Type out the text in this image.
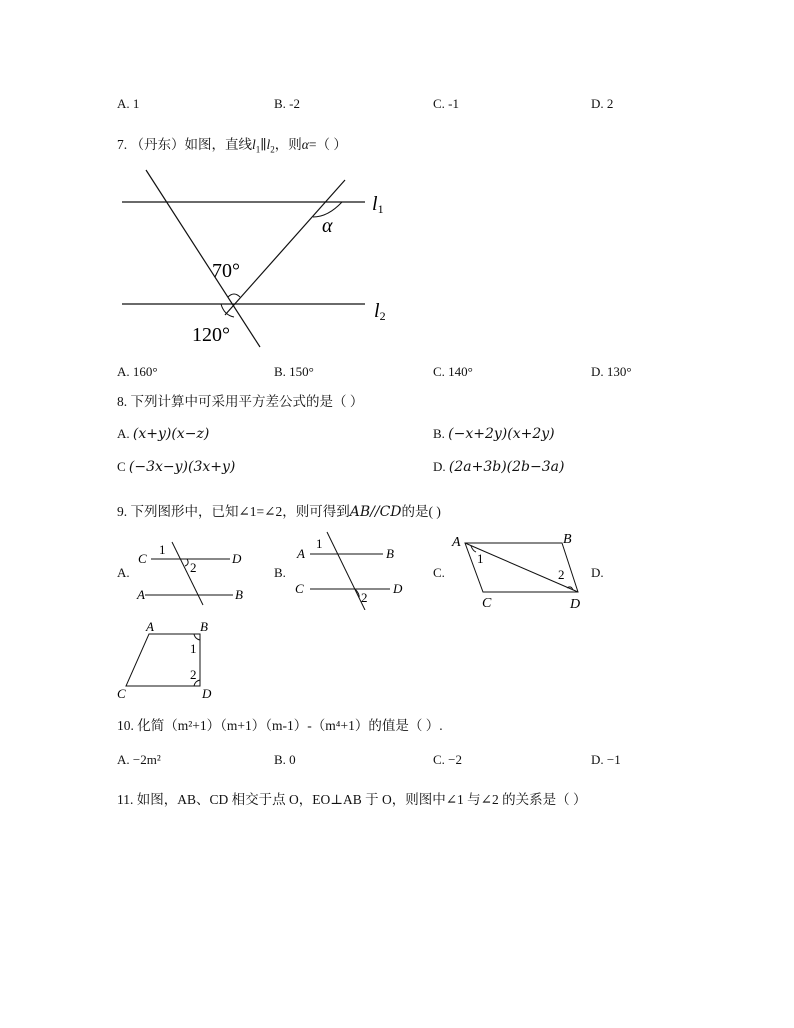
A. 1	B. -2	C. -1	D. 2
7. （丹东）如图，直线$l_1\parallel l_2$，则α=（ ）
l1
l2
α
70°
120°
A. 160°	B. 150°	C. 140°	D. 130°
8. 下列计算中可采用平方差公式的是（ ）
A. (x+y)(x−z)	B. (−x+2y)(x+2y)
C (−3x−y)(3x+y)	D. (2a+3b)(2b−3a)
9. 下列图形中，已知∠1=∠2，则可得到AB//CD的是( )
A.	B.	C.	D.
C	D
A	B
1
2
A	B
C	D
1
2
A	B
C	D
1
2
A	B
C	D
1
2
10. 化简（m²+1）（m+1）（m-1）-（m⁴+1）的值是（ ）.
A. −2m²	B. 0	C. −2	D. −1
11. 如图，AB、CD 相交于点 O，EO⊥AB 于 O，则图中∠1 与∠2 的关系是（ ）
